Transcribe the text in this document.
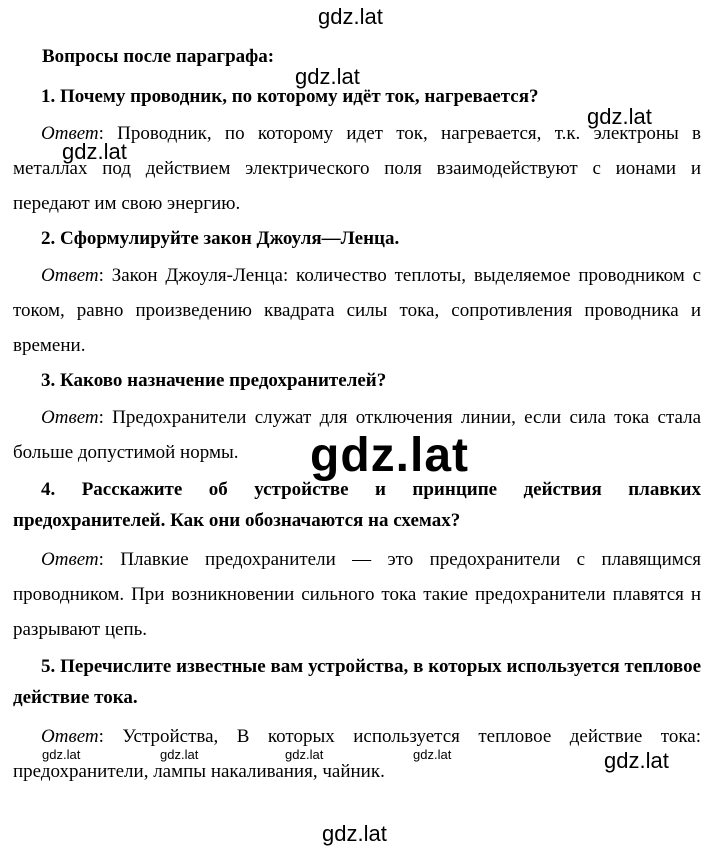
Вопросы после параграфа:

1. Почему проводник, по которому идёт ток, нагревается?

Ответ: Проводник, по которому идет ток, нагревается, т.к. электроны в металлах под действием электрического поля взаимодействуют с ионами и передают им свою энергию.

2. Сформулируйте закон Джоуля—Ленца.

Ответ: Закон Джоуля-Ленца: количество теплоты, выделяемое проводником с током, равно произведению квадрата силы тока, сопротивления проводника и времени.

3. Каково назначение предохранителей?

Ответ: Предохранители служат для отключения линии, если сила тока стала больше допустимой нормы.

4. Расскажите об устройстве и принципе действия плавких предохранителей. Как они обозначаются на схемах?

Ответ: Плавкие предохранители — это предохранители с плавящимся проводником. При возникновении сильного тока такие предохранители плавятся н разрывают цепь.

5. Перечислите известные вам устройства, в которых используется тепловое действие тока.

Ответ: Устройства, В которых используется тепловое действие тока: предохранители, лампы накаливания, чайник.

gdz.lat
gdz.lat
gdz.lat
gdz.lat
gdz.lat
gdz.lat	gdz.lat	gdz.lat	gdz.lat	gdz.lat
gdz.lat
